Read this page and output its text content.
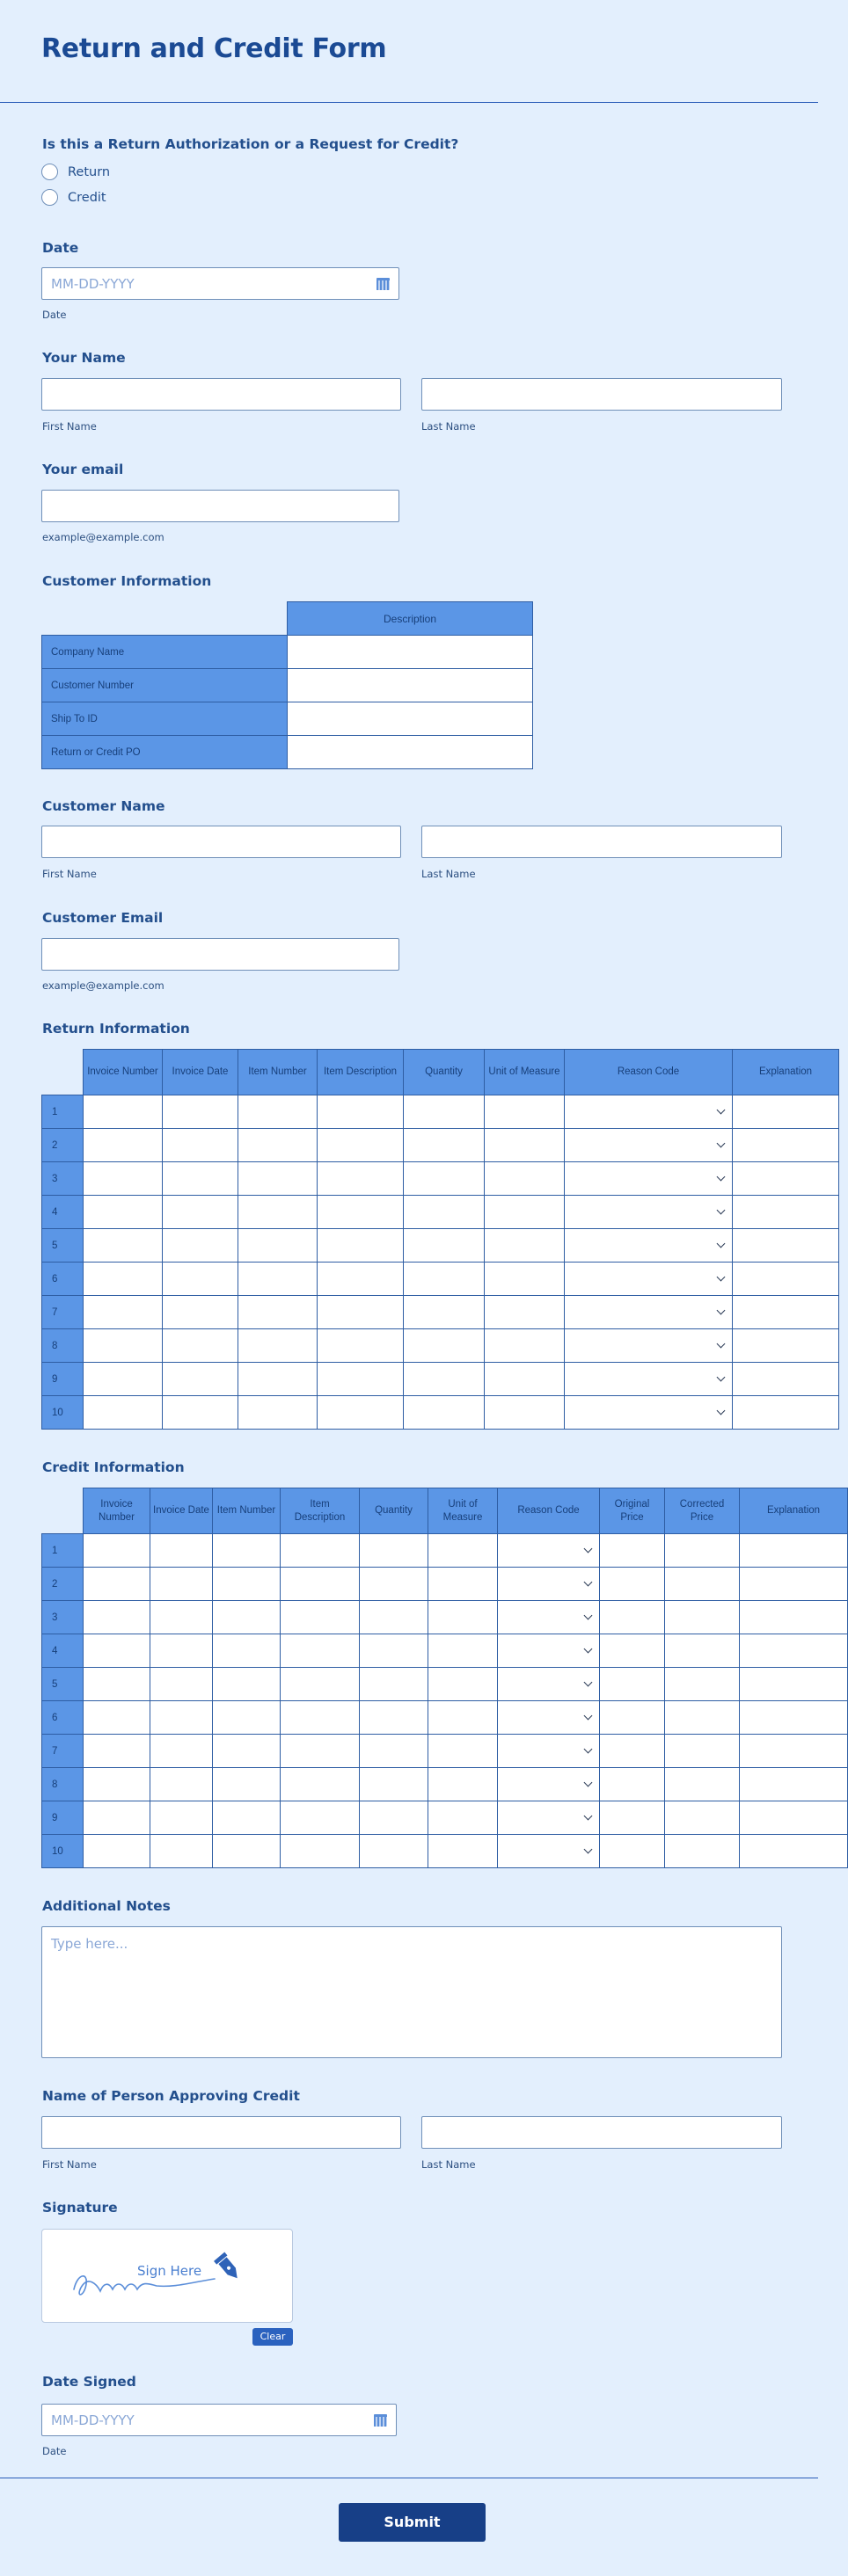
Return and Credit Form
Is this a Return Authorization or a Request for Credit?
Return
Credit
Date
MM-DD-YYYY
Date
Your Name
First Name	Last Name
Your email
example@example.com
Customer Information
	Description
Company Name	
Customer Number	
Ship To ID	
Return or Credit PO	
Customer Name
First Name	Last Name
Customer Email
example@example.com
Return Information
	Invoice Number	Invoice Date	Item Number	Item Description	Quantity	Unit of Measure	Reason Code	Explanation
1							

2							

3							

4							

5							

6							

7							

8							

9							

10							

Credit Information
	Invoice Number	Invoice Date	Item Number	Item Description	Quantity	Unit of Measure	Reason Code	Original Price	Corrected Price	Explanation
1							

2							

3							

4							

5							

6							

7							

8							

9							

10							

Additional Notes
Type here...
Name of Person Approving Credit
First Name	Last Name
Signature
Sign Here
Clear
Date Signed
MM-DD-YYYY
Date
Submit
